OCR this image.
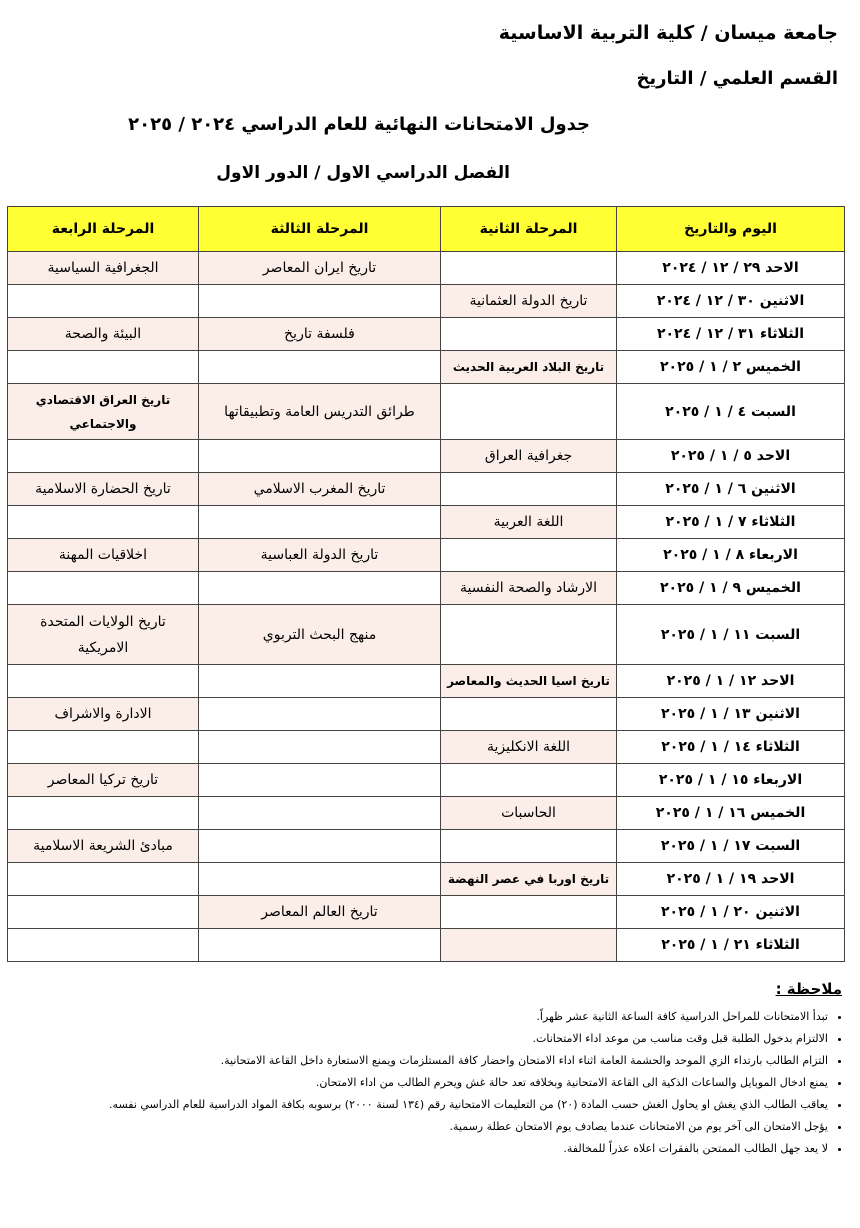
جامعة ميسان / كلية التربية الاساسية
القسم العلمي / التاريخ
جدول الامتحانات النهائية للعام الدراسي ٢٠٢٤ / ٢٠٢٥
الفصل الدراسي الاول / الدور الاول
اليوم والتاريخ	المرحلة الثانية	المرحلة الثالثة	المرحلة الرابعة
الاحد ٢٩ / ١٢ / ٢٠٢٤		تاريخ ايران المعاصر	الجغرافية السياسية
الاثنين ٣٠ / ١٢ / ٢٠٢٤	تاريخ الدولة العثمانية		
الثلاثاء ٣١ / ١٢ / ٢٠٢٤		فلسفة تاريخ	البيئة والصحة
الخميس ٢ / ١ / ٢٠٢٥	تاريخ البلاد العربية الحديث		
السبت ٤ / ١ / ٢٠٢٥		طرائق التدريس العامة وتطبيقاتها	تاريخ العراق الاقتصادي والاجتماعي
الاحد ٥ / ١ / ٢٠٢٥	جغرافية العراق		
الاثنين ٦ / ١ / ٢٠٢٥		تاريخ المغرب الاسلامي	تاريخ الحضارة الاسلامية
الثلاثاء ٧ / ١ / ٢٠٢٥	اللغة العربية		
الاربعاء ٨ / ١ / ٢٠٢٥		تاريخ الدولة العباسية	اخلاقيات المهنة
الخميس ٩ / ١ / ٢٠٢٥	الارشاد والصحة النفسية		
السبت ١١ / ١ / ٢٠٢٥		منهج البحث التربوي	تاريخ الولايات المتحدة الامريكية
الاحد ١٢ / ١ / ٢٠٢٥	تاريخ اسيا الحديث والمعاصر		
الاثنين ١٣ / ١ / ٢٠٢٥			الادارة والاشراف
الثلاثاء ١٤ / ١ / ٢٠٢٥	اللغة الانكليزية		
الاربعاء ١٥ / ١ / ٢٠٢٥			تاريخ تركيا المعاصر
الخميس ١٦ / ١ / ٢٠٢٥	الحاسبات		
السبت ١٧ / ١ / ٢٠٢٥			مبادئ الشريعة الاسلامية
الاحد ١٩ / ١ / ٢٠٢٥	تاريخ اوربا في عصر النهضة		
الاثنين ٢٠ / ١ / ٢٠٢٥		تاريخ العالم المعاصر	
الثلاثاء ٢١ / ١ / ٢٠٢٥			
ملاحظة :
• تبدأ الامتحانات للمراحل الدراسية كافة الساعة الثانية عشر ظهراً.
• الالتزام بدخول الطلبة قبل وقت مناسب من موعد اداء الامتحانات.
• التزام الطالب بارتداء الزي الموحد والحشمة العامة اثناء اداء الامتحان واحضار كافة المستلزمات ويمنع الاستعارة داخل القاعة الامتحانية.
• يمنع ادخال الموبايل والساعات الذكية الى القاعة الامتحانية وبخلافه تعد حالة غش ويحرم الطالب من اداء الامتحان.
• يعاقب الطالب الذي يغش او يحاول الغش حسب المادة (٢٠) من التعليمات الامتحانية رقم (١٣٤ لسنة ٢٠٠٠) برسوبه بكافة المواد الدراسية للعام الدراسي نفسه.
• يؤجل الامتحان الى آخر يوم من الامتحانات عندما يصادف يوم الامتحان عطلة رسمية.
• لا يعد جهل الطالب الممتحن بالفقرات اعلاه عذراً للمخالفة.
